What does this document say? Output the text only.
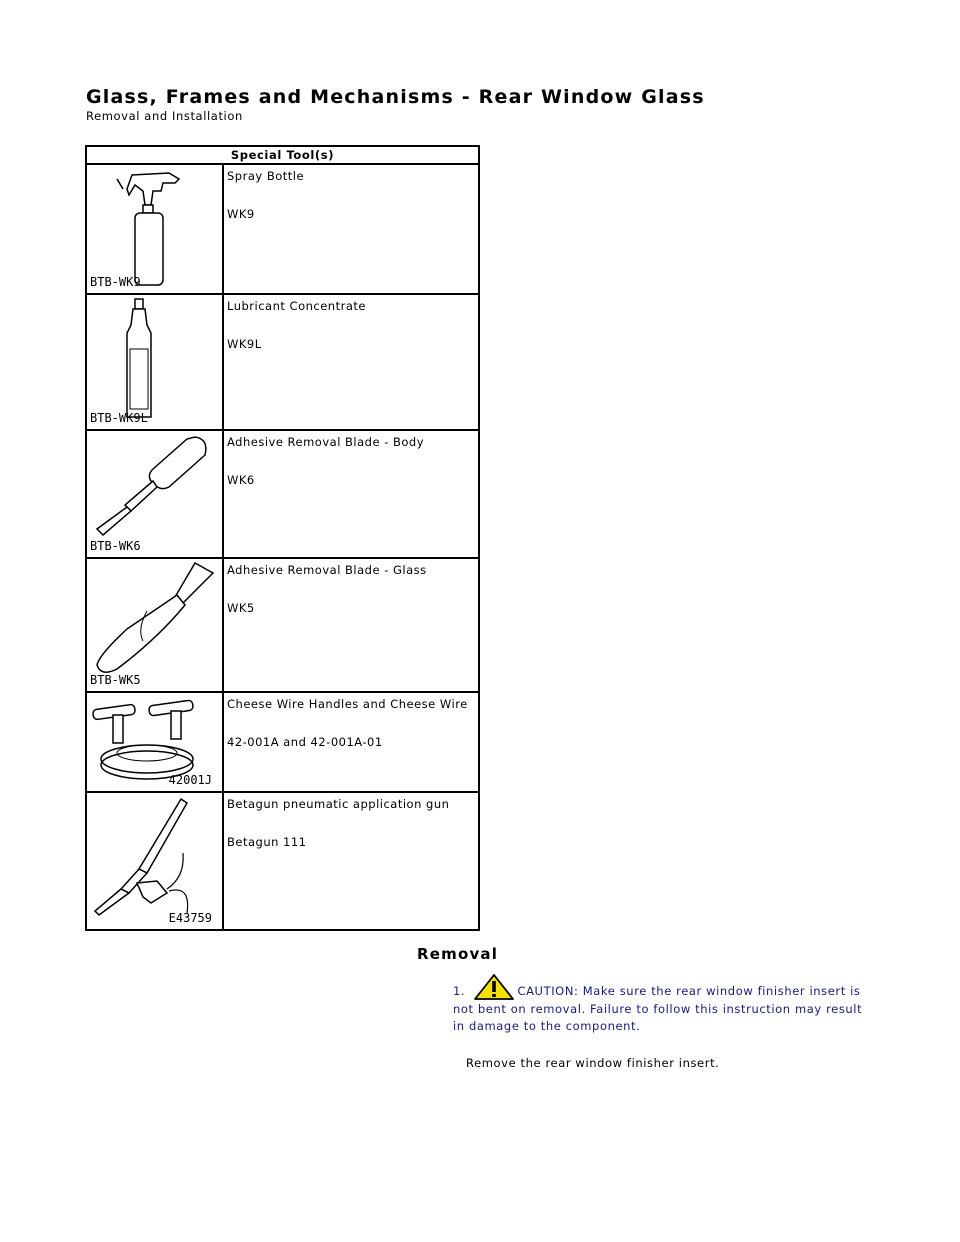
Glass, Frames and Mechanisms - Rear Window Glass
Removal and Installation
Special Tool(s)	

BTB-WK9	Spray Bottle
WK9

BTB-WK9L	Lubricant Concentrate
WK9L

BTB-WK6	Adhesive Removal Blade - Body
WK6

BTB-WK5	Adhesive Removal Blade - Glass
WK5

42001J	Cheese Wire Handles and Cheese Wire
42-001A and 42-001A-01

E43759	Betagun pneumatic application gun
Betagun 111
Removal
1.	CAUTION: Make sure the rear window finisher insert is not bent on removal. Failure to follow this instruction may result in damage to the component.
Remove the rear window finisher insert.
